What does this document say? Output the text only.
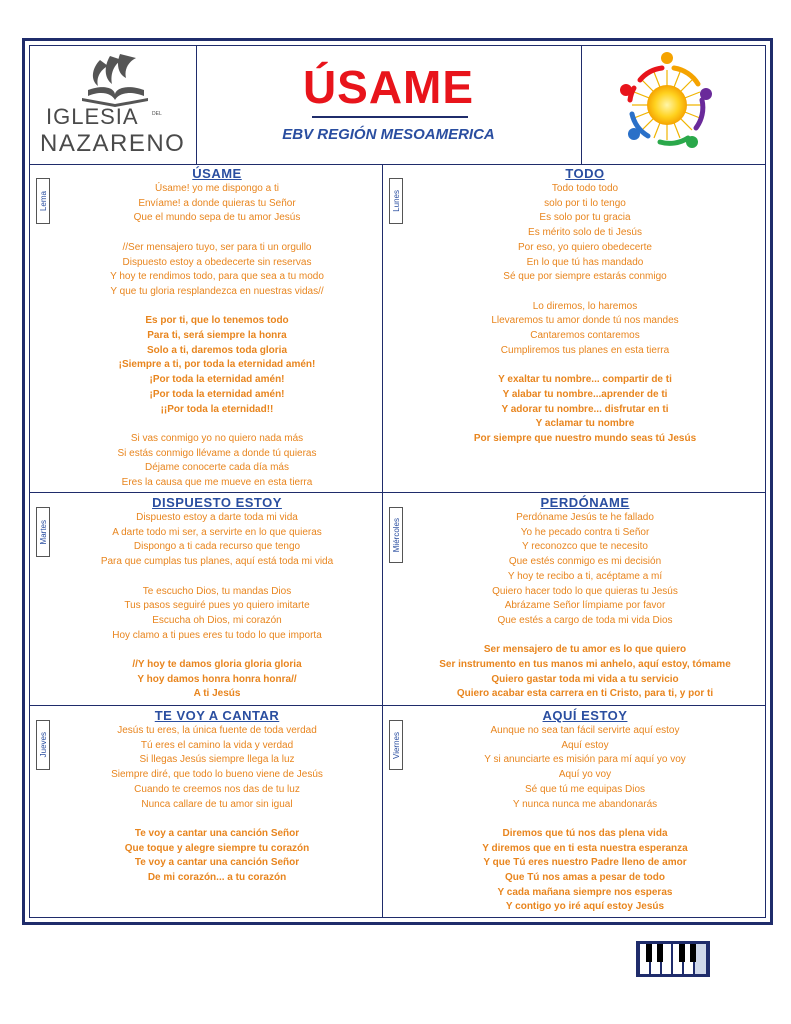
IGLESIA	DEL
NAZARENO
ÚSAME
EBV REGIÓN MESOAMERICA
Lema
ÚSAME
Úsame! yo me dispongo a ti
Envíame! a donde quieras tu Señor
Que el mundo sepa de tu amor Jesús
//Ser mensajero tuyo, ser para ti un orgullo
Dispuesto estoy a obedecerte sin reservas
Y hoy te rendimos todo, para que sea a tu modo
Y que tu gloria resplandezca en nuestras vidas//
Es por ti, que lo tenemos todo
Para ti, será siempre la honra
Solo a ti, daremos toda gloria
¡Siempre a ti, por toda la eternidad amén!
¡Por toda la eternidad amén!
¡Por toda la eternidad amén!
¡¡Por toda la eternidad!!
Si vas conmigo yo no quiero nada más
Si estás conmigo llévame a donde tú quieras
Déjame conocerte cada día más
Eres la causa que me mueve en esta tierra
Lunes
TODO
Todo todo todo
solo por ti lo tengo
Es solo por tu gracia
Es mérito solo de ti Jesús
Por eso, yo quiero obedecerte
En lo que tú has mandado
Sé que por siempre estarás conmigo
Lo diremos, lo haremos
Llevaremos tu amor donde tú nos mandes
Cantaremos contaremos
Cumpliremos tus planes en esta tierra
Y exaltar tu nombre... compartir de ti
Y alabar tu nombre...aprender de ti
Y adorar tu nombre... disfrutar en ti
Y aclamar tu nombre
Por siempre que nuestro mundo seas tú Jesús
Martes
DISPUESTO ESTOY
Dispuesto estoy a darte toda mi vida
A darte todo mi ser, a servirte en lo que quieras
Dispongo a ti cada recurso que tengo
Para que cumplas tus planes, aquí está toda mi vida
Te escucho Dios, tu mandas Dios
Tus pasos seguiré pues yo quiero imitarte
Escucha oh Dios, mi corazón
Hoy clamo a ti pues eres tu todo lo que importa
//Y hoy te damos gloria gloria gloria
Y hoy damos honra honra honra//
A ti Jesús
Miércoles
PERDÓNAME
Perdóname Jesús te he fallado
Yo he pecado contra ti Señor
Y reconozco que te necesito
Que estés conmigo es mi decisión
Y hoy te recibo a ti, acéptame a mí
Quiero hacer todo lo que quieras tu Jesús
Abrázame Señor límpiame por favor
Que estés a cargo de toda mi vida Dios
Ser mensajero de tu amor es lo que quiero
Ser instrumento en tus manos mi anhelo, aquí estoy, tómame
Quiero gastar toda mi vida a tu servicio
Quiero acabar esta carrera en ti Cristo, para ti, y por ti
Jueves
TE VOY A CANTAR
Jesús tu eres, la única fuente de toda verdad
Tú eres el camino la vida y verdad
Si llegas Jesús siempre llega la luz
Siempre diré, que todo lo bueno viene de Jesús
Cuando te creemos nos das de tu luz
Nunca callare de tu amor sin igual
Te voy a cantar una canción Señor
Que toque y alegre siempre tu corazón
Te voy a cantar una canción Señor
De mi corazón... a tu corazón
Viernes
AQUÍ ESTOY
Aunque no sea tan fácil servirte aquí estoy
Aquí estoy
Y si anunciarte es misión para mí aquí yo voy
Aquí yo voy
Sé que tú me equipas Dios
Y nunca nunca me abandonarás
Diremos que tú nos das plena vida
Y diremos que en ti esta nuestra esperanza
Y que Tú eres nuestro Padre lleno de amor
Que Tú nos amas a pesar de todo
Y cada mañana siempre nos esperas
Y contigo yo iré aquí estoy Jesús
